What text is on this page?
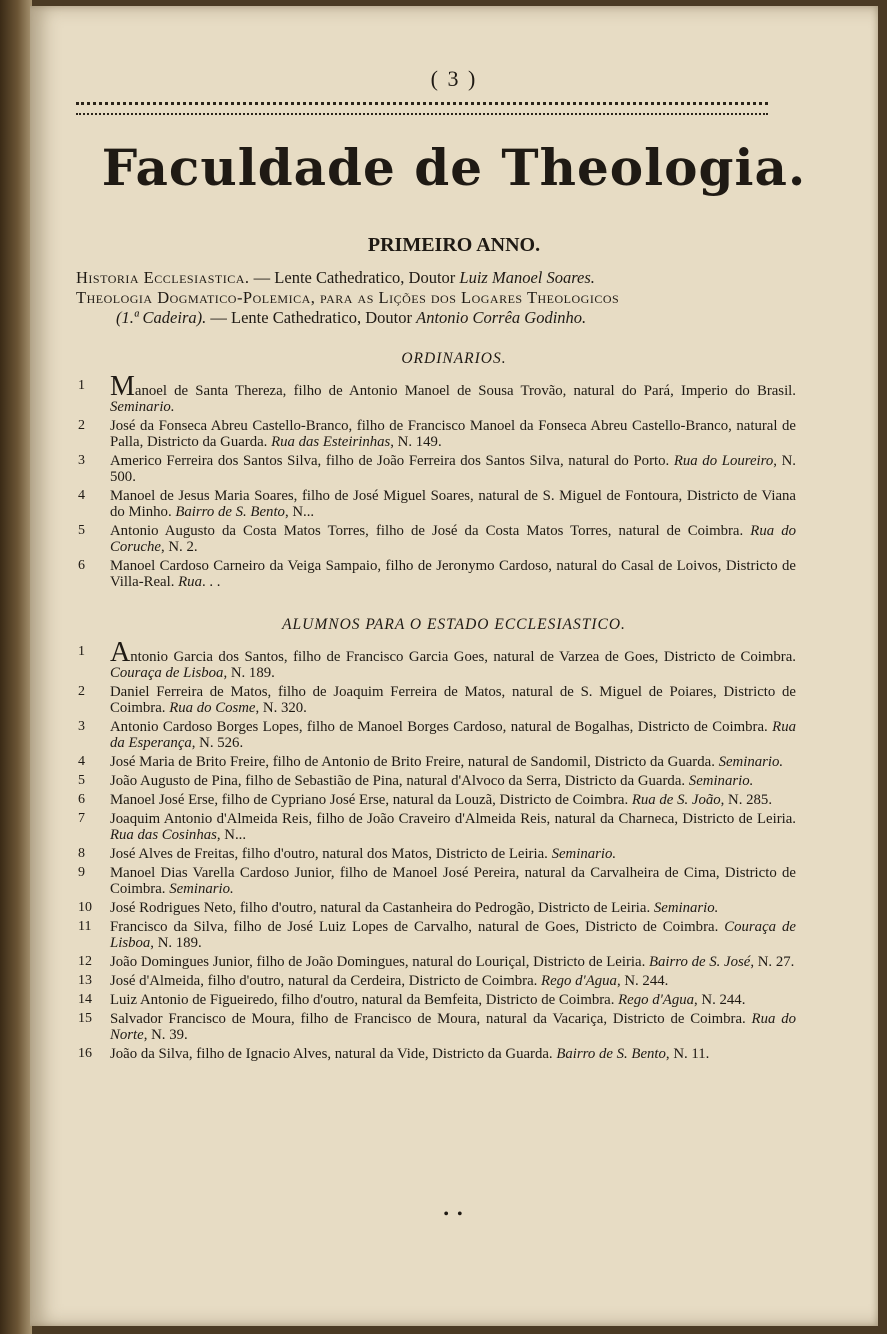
( 3 )
Faculdade de Theologia.
PRIMEIRO ANNO.
Historia Ecclesiastica. — Lente Cathedratico, Doutor Luiz Manoel Soares.
Theologia Dogmatico-Polemica, para as Lições dos Logares Theologicos
(1.ª Cadeira). — Lente Cathedratico, Doutor Antonio Corrêa Godinho.
ORDINARIOS.
1 Manoel de Santa Thereza, filho de Antonio Manoel de Sousa Trovão, natural do Pará, Imperio do Brasil. Seminario.
2	José da Fonseca Abreu Castello-Branco, filho de Francisco Manoel da Fonseca Abreu Castello-Branco, natural de Palla, Districto da Guarda. Rua das Esteirinhas, N. 149.
3	Americo Ferreira dos Santos Silva, filho de João Ferreira dos Santos Silva, natural do Porto. Rua do Loureiro, N. 500.
4	Manoel de Jesus Maria Soares, filho de José Miguel Soares, natural de S. Miguel de Fontoura, Districto de Viana do Minho. Bairro de S. Bento, N...
5	Antonio Augusto da Costa Matos Torres, filho de José da Costa Matos Torres, natural de Coimbra. Rua do Coruche, N. 2.
6	Manoel Cardoso Carneiro da Veiga Sampaio, filho de Jeronymo Cardoso, natural do Casal de Loivos, Districto de Villa-Real. Rua. . .
ALUMNOS PARA O ESTADO ECCLESIASTICO.
1 Antonio Garcia dos Santos, filho de Francisco Garcia Goes, natural de Varzea de Goes, Districto de Coimbra. Couraça de Lisboa, N. 189.
2	Daniel Ferreira de Matos, filho de Joaquim Ferreira de Matos, natural de S. Miguel de Poiares, Districto de Coimbra. Rua do Cosme, N. 320.
3	Antonio Cardoso Borges Lopes, filho de Manoel Borges Cardoso, natural de Bogalhas, Districto de Coimbra. Rua da Esperança, N. 526.
4	José Maria de Brito Freire, filho de Antonio de Brito Freire, natural de Sandomil, Districto da Guarda. Seminario.
5	João Augusto de Pina, filho de Sebastião de Pina, natural d'Alvoco da Serra, Districto da Guarda. Seminario.
6	Manoel José Erse, filho de Cypriano José Erse, natural da Louzã, Districto de Coimbra. Rua de S. João, N. 285.
7	Joaquim Antonio d'Almeida Reis, filho de João Craveiro d'Almeida Reis, natural da Charneca, Districto de Leiria. Rua das Cosinhas, N...
8	José Alves de Freitas, filho d'outro, natural dos Matos, Districto de Leiria. Seminario.
9	Manoel Dias Varella Cardoso Junior, filho de Manoel José Pereira, natural da Carvalheira de Cima, Districto de Coimbra. Seminario.
10	José Rodrigues Neto, filho d'outro, natural da Castanheira do Pedrogão, Districto de Leiria. Seminario.
11	Francisco da Silva, filho de José Luiz Lopes de Carvalho, natural de Goes, Districto de Coimbra. Couraça de Lisboa, N. 189.
12	João Domingues Junior, filho de João Domingues, natural do Louriçal, Districto de Leiria. Bairro de S. José, N. 27.
13	José d'Almeida, filho d'outro, natural da Cerdeira, Districto de Coimbra. Rego d'Agua, N. 244.
14	Luiz Antonio de Figueiredo, filho d'outro, natural da Bemfeita, Districto de Coimbra. Rego d'Agua, N. 244.
15	Salvador Francisco de Moura, filho de Francisco de Moura, natural da Vacariça, Districto de Coimbra. Rua do Norte, N. 39.
16	João da Silva, filho de Ignacio Alves, natural da Vide, Districto da Guarda. Bairro de S. Bento, N. 11.
• •
